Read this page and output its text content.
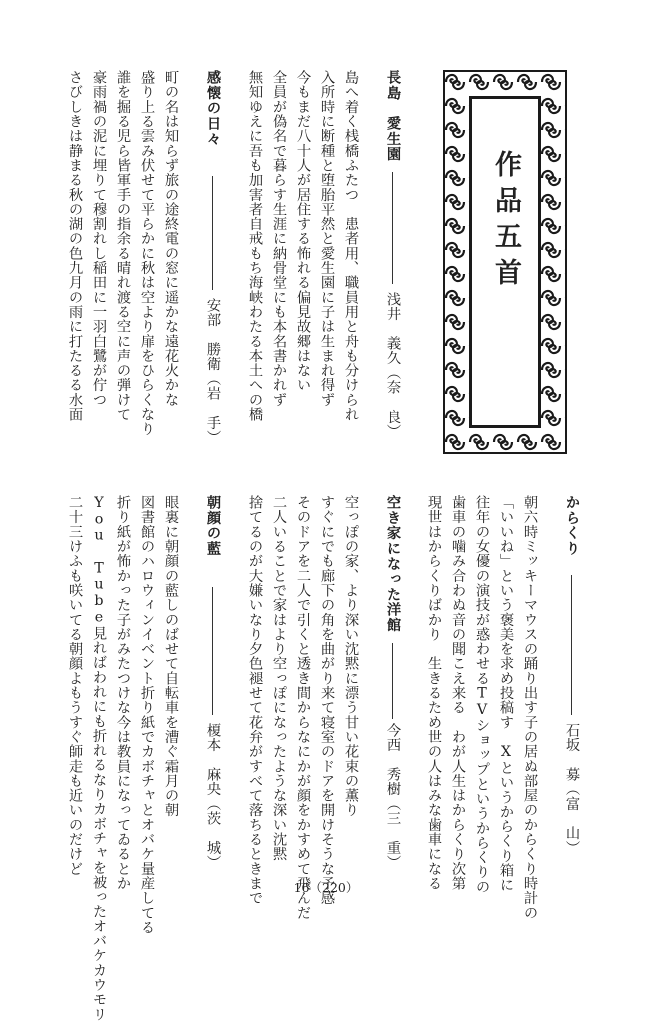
長島　愛生園
浅井　義久（奈　良）
島へ着く桟橋ふたつ　患者用、職員用と舟も分けられ
入所時に断種と堕胎平然と愛生園に子は生まれ得ず
今もまだ八十人が居住する怖れる偏見故郷はない
全員が偽名で暮らす生涯に納骨堂にも本名書かれず
無知ゆえに吾も加害者自戒もち海峡わたる本土への橋
感懐の日々
安部　勝衛（岩　手）
町の名は知らず旅の途終電の窓に遥かな遠花火かな
盛り上る雲み伏せて平らかに秋は空より扉をひらくなり
誰を掘る児ら皆軍手の指余る晴れ渡る空に声の弾けて
豪雨禍の泥に埋りて穆割れし稲田に一羽白鷺が佇つ
さびしきは静まる秋の湖の色九月の雨に打たるる水面	作品五首
からくり
石坂　募（富　山）
朝六時ミッキーマウスの踊り出す子の居ぬ部屋のからくり時計の
「いいね」という褒美を求め投稿す　Xというからくり箱に
往年の女優の演技が惑わせるTVショップというからくりの
歯車の噛み合わぬ音の聞こえ来る　わが人生はからくり次第
現世はからくりばかり　生きるため世の人はみな歯車になる
空き家になった洋館
今西　秀樹（三　重）
空っぽの家、より深い沈黙に漂う甘い花束の薫り
すぐにでも廊下の角を曲がり来て寝室のドアを開けそうな予感
そのドアを二人で引くと透き間からなにかが顔をかすめて飛んだ
二人いることで家はより空っぽになったような深い沈黙
捨てるのが大嫌いなり夕色褪せて花弁がすべて落ちるときまで
朝顔の藍
榎本　麻央（茨　城）
眼裏に朝顔の藍しのばせて自転車を漕ぐ霜月の朝
図書館のハロウィンイベント折り紙でカボチャとオバケ量産してる
折り紙が怖かった子がみたつけな今は教員になってゐるとか
You Tube見ればわれにも折れるなりカボチャを被ったオバケカウモリ
二十三けふも咲いてる朝顔よもうすぐ師走も近いのだけど
16（220）
